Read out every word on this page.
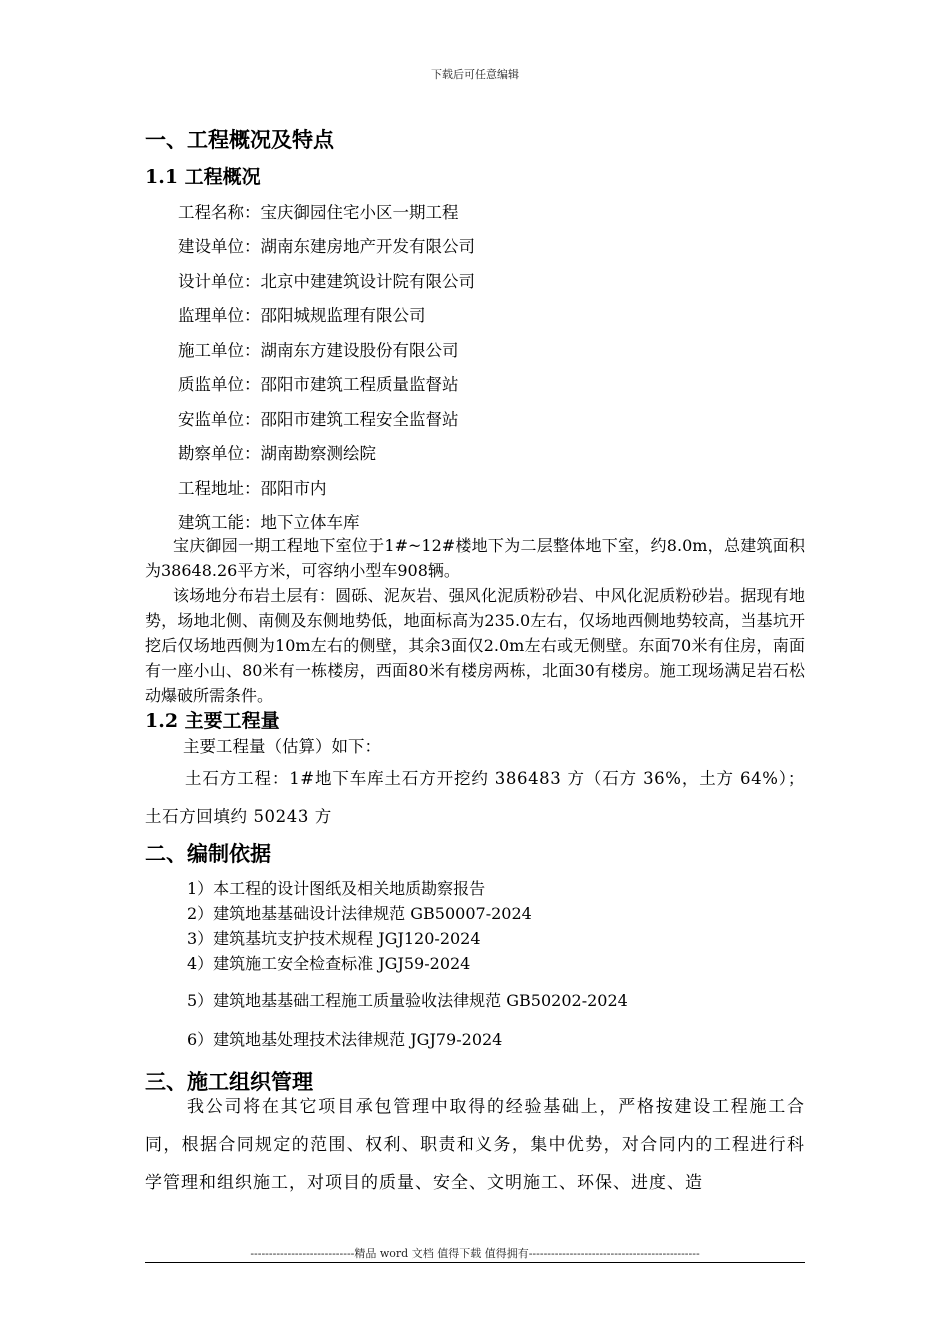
下载后可任意编辑
一、工程概况及特点
1.1 工程概况
工程名称：宝庆御园住宅小区一期工程
建设单位：湖南东建房地产开发有限公司
设计单位：北京中建建筑设计院有限公司
监理单位：邵阳城规监理有限公司
施工单位：湖南东方建设股份有限公司
质监单位：邵阳市建筑工程质量监督站
安监单位：邵阳市建筑工程安全监督站
勘察单位：湖南勘察测绘院
工程地址：邵阳市内
建筑工能：地下立体车库
宝庆御园一期工程地下室位于1#~12#楼地下为二层整体地下室，约8.0m，总建筑面积为38648.26平方米，可容纳小型车908辆。
该场地分布岩土层有：圆砾、泥灰岩、强风化泥质粉砂岩、中风化泥质粉砂岩。据现有地势，场地北侧、南侧及东侧地势低，地面标高为235.0左右，仅场地西侧地势较高，当基坑开挖后仅场地西侧为10m左右的侧壁，其余3面仅2.0m左右或无侧壁。东面70米有住房，南面有一座小山、80米有一栋楼房，西面80米有楼房两栋，北面30有楼房。施工现场满足岩石松动爆破所需条件。
1.2 主要工程量
主要工程量（估算）如下：
土石方工程：1#地下车库土石方开挖约 386483 方（石方 36%，土方 64%）；土石方回填约 50243 方
二、编制依据
1）本工程的设计图纸及相关地质勘察报告
2）建筑地基基础设计法律规范 GB50007-2024
3）建筑基坑支护技术规程 JGJ120-2024
4）建筑施工安全检查标准 JGJ59-2024
5）建筑地基基础工程施工质量验收法律规范 GB50202-2024
6）建筑地基处理技术法律规范 JGJ79-2024
三、施工组织管理
我公司将在其它项目承包管理中取得的经验基础上，严格按建设工程施工合同，根据合同规定的范围、权利、职责和义务，集中优势，对合同内的工程进行科学管理和组织施工，对项目的质量、安全、文明施工、环保、进度、造
----------------------------精品 word 文档 值得下载 值得拥有----------------------------------------------
